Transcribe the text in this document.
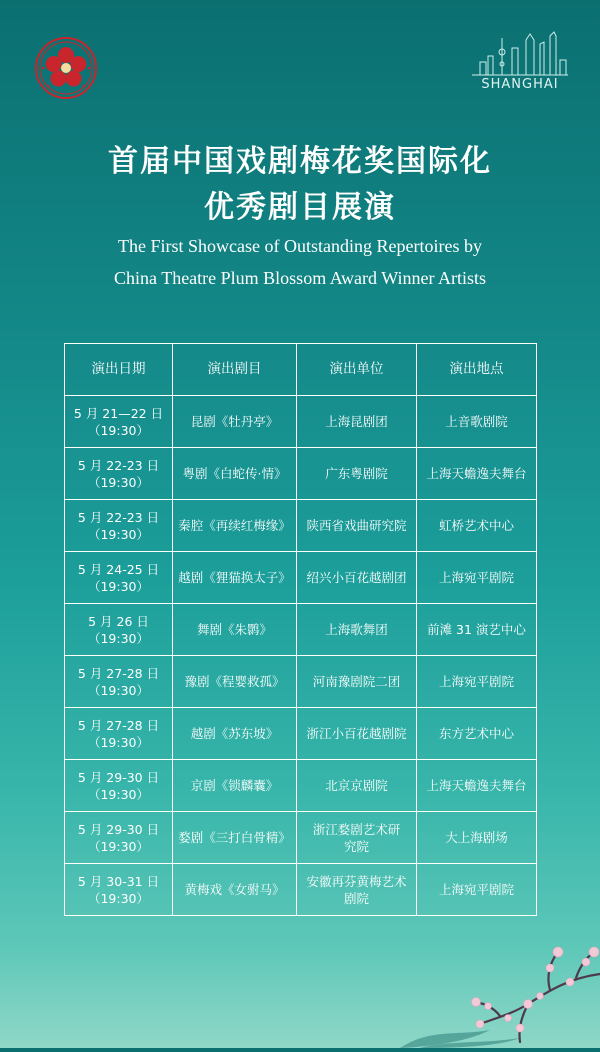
SHANGHAI
首届中国戏剧梅花奖国际化
优秀剧目展演
The First Showcase of Outstanding Repertoires by
China Theatre Plum Blossom Award Winner Artists
演出日期	演出剧目	演出单位	演出地点

5 月 21—22 日
（19:30）	昆剧《牡丹亭》	上海昆剧团	上音歌剧院

5 月 22-23 日
（19:30）	粤剧《白蛇传·情》	广东粤剧院	上海天蟾逸夫舞台

5 月 22-23 日
（19:30）	秦腔《再续红梅缘》	陕西省戏曲研究院	虹桥艺术中心

5 月 24-25 日
（19:30）	越剧《狸猫换太子》	绍兴小百花越剧团	上海宛平剧院

5 月 26 日
（19:30）	舞剧《朱鹮》	上海歌舞团	前滩 31 演艺中心

5 月 27-28 日
（19:30）	豫剧《程婴救孤》	河南豫剧院二团	上海宛平剧院

5 月 27-28 日
（19:30）	越剧《苏东坡》	浙江小百花越剧院	东方艺术中心

5 月 29-30 日
（19:30）	京剧《锁麟囊》	北京京剧院	上海天蟾逸夫舞台

5 月 29-30 日
（19:30）	婺剧《三打白骨精》	浙江婺剧艺术研究院	大上海剧场

5 月 30-31 日
（19:30）	黄梅戏《女驸马》	安徽再芬黄梅艺术剧院	上海宛平剧院
